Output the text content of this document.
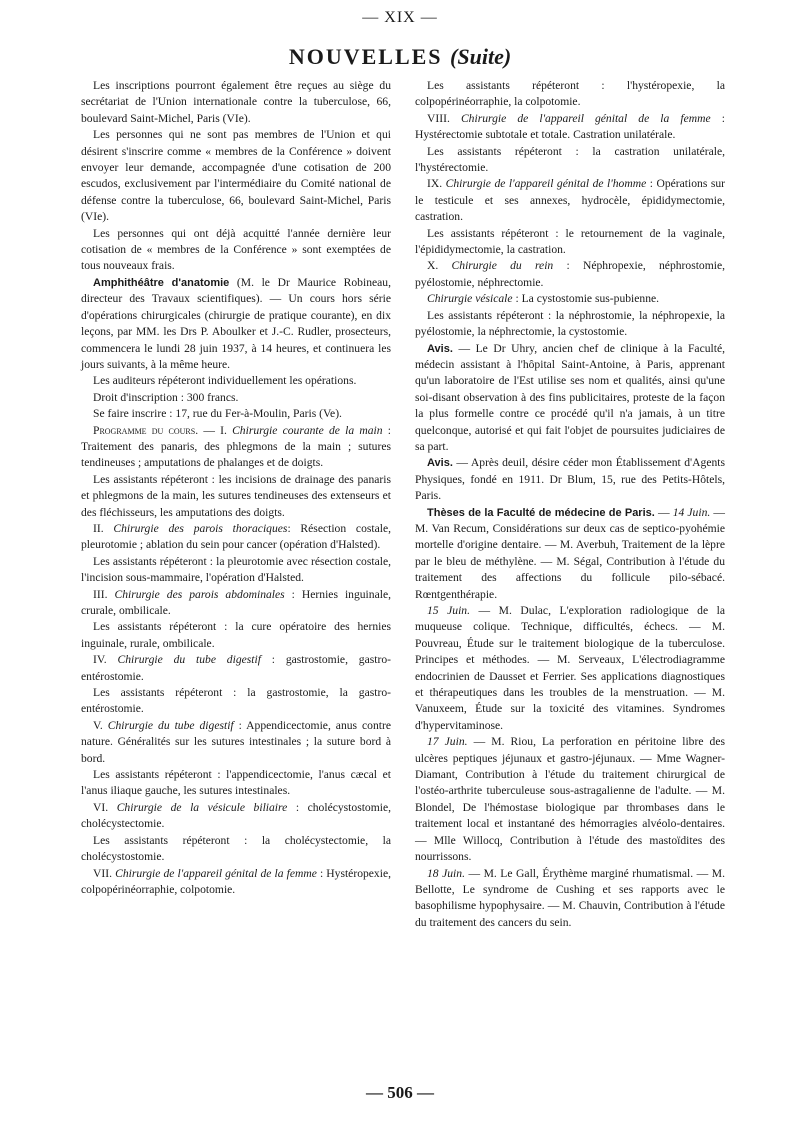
— XIX —
NOUVELLES (Suite)

Les inscriptions pourront également être reçues au siège du secrétariat de l'Union internationale contre la tuberculose, 66, boulevard Saint-Michel, Paris (VIe).

Les personnes qui ne sont pas membres de l'Union et qui désirent s'inscrire comme « membres de la Conférence » doivent envoyer leur demande, accompagnée d'une cotisation de 200 escudos, exclusivement par l'intermédiaire du Comité national de défense contre la tuberculose, 66, boulevard Saint-Michel, Paris (VIe).

Les personnes qui ont déjà acquitté l'année dernière leur cotisation de « membres de la Conférence » sont exemptées de tous nouveaux frais.

Amphithéâtre d'anatomie (M. le Dr Maurice Robineau, directeur des Travaux scientifiques). — Un cours hors série d'opérations chirurgicales (chirurgie de pratique courante), en dix leçons, par MM. les Drs P. Aboulker et J.-C. Rudler, prosecteurs, commencera le lundi 28 juin 1937, à 14 heures, et continuera les jours suivants, à la même heure.

Les auditeurs répéteront individuellement les opérations.

Droit d'inscription : 300 francs.

Se faire inscrire : 17, rue du Fer-à-Moulin, Paris (Ve).

Programme du cours. — I. Chirurgie courante de la main : Traitement des panaris, des phlegmons de la main ; sutures tendineuses ; amputations de phalanges et de doigts.

Les assistants répéteront : les incisions de drainage des panaris et phlegmons de la main, les sutures tendineuses des extenseurs et des fléchisseurs, les amputations des doigts.

II. Chirurgie des parois thoraciques: Résection costale, pleurotomie ; ablation du sein pour cancer (opération d'Halsted).

Les assistants répéteront : la pleurotomie avec résection costale, l'incision sous-mammaire, l'opération d'Halsted.

III. Chirurgie des parois abdominales : Hernies inguinale, crurale, ombilicale.

Les assistants répéteront : la cure opératoire des hernies inguinale, rurale, ombilicale.

IV. Chirurgie du tube digestif : gastrostomie, gastro-entérostomie.

Les assistants répéteront : la gastrostomie, la gastro-entérostomie.

V. Chirurgie du tube digestif : Appendicectomie, anus contre nature. Généralités sur les sutures intestinales ; la suture bord à bord.

Les assistants répéteront : l'appendicectomie, l'anus cæcal et l'anus iliaque gauche, les sutures intestinales.

VI. Chirurgie de la vésicule biliaire : cholécystostomie, cholécystectomie.

Les assistants répéteront : la cholécystectomie, la cholécystostomie.

VII. Chirurgie de l'appareil génital de la femme : Hystéropexie, colpopérinéorraphie, colpotomie.

Les assistants répéteront : l'hystéropexie, la colpopérinéorraphie, la colpotomie.

VIII. Chirurgie de l'appareil génital de la femme : Hystérectomie subtotale et totale. Castration unilatérale.

Les assistants répéteront : la castration unilatérale, l'hystérectomie.

IX. Chirurgie de l'appareil génital de l'homme : Opérations sur le testicule et ses annexes, hydrocèle, épididymectomie, castration.

Les assistants répéteront : le retournement de la vaginale, l'épididymectomie, la castration.

X. Chirurgie du rein : Néphropexie, néphrostomie, pyélostomie, néphrectomie.

Chirurgie vésicale : La cystostomie sus-pubienne.

Les assistants répéteront : la néphrostomie, la néphropexie, la pyélostomie, la néphrectomie, la cystostomie.

Avis. — Le Dr Uhry, ancien chef de clinique à la Faculté, médecin assistant à l'hôpital Saint-Antoine, à Paris, apprenant qu'un laboratoire de l'Est utilise ses nom et qualités, ainsi qu'une soi-disant observation à des fins publicitaires, proteste de la façon la plus formelle contre ce procédé qu'il n'a jamais, à un titre quelconque, autorisé et qui fait l'objet de poursuites judiciaires de sa part.

Avis. — Après deuil, désire céder mon Établissement d'Agents Physiques, fondé en 1911. Dr Blum, 15, rue des Petits-Hôtels, Paris.

Thèses de la Faculté de médecine de Paris. — 14 Juin. — M. Van Recum, Considérations sur deux cas de septico-pyohémie mortelle d'origine dentaire. — M. Averbuh, Traitement de la lèpre par le bleu de méthylène. — M. Ségal, Contribution à l'étude du traitement des affections du follicule pilo-sébacé. Rœntgenthérapie.

15 Juin. — M. Dulac, L'exploration radiologique de la muqueuse colique. Technique, difficultés, échecs. — M. Pouvreau, Étude sur le traitement biologique de la tuberculose. Principes et méthodes. — M. Serveaux, L'électrodiagramme endocrinien de Dausset et Ferrier. Ses applications diagnostiques et thérapeutiques dans les troubles de la menstruation. — M. Vanuxeem, Étude sur la toxicité des vitamines. Syndromes d'hypervitaminose.

17 Juin. — M. Riou, La perforation en péritoine libre des ulcères peptiques jéjunaux et gastro-jéjunaux. — Mme Wagner-Diamant, Contribution à l'étude du traitement chirurgical de l'ostéo-arthrite tuberculeuse sous-astragalienne de l'adulte. — M. Blondel, De l'hémostase biologique par thrombases dans le traitement local et instantané des hémorragies alvéolo-dentaires. — Mlle Willocq, Contribution à l'étude des mastoïdites des nourrissons.

18 Juin. — M. Le Gall, Érythème marginé rhumatismal. — M. Bellotte, Le syndrome de Cushing et ses rapports avec le basophilisme hypophysaire. — M. Chauvin, Contribution à l'étude du traitement des cancers du sein.

— 506 —
